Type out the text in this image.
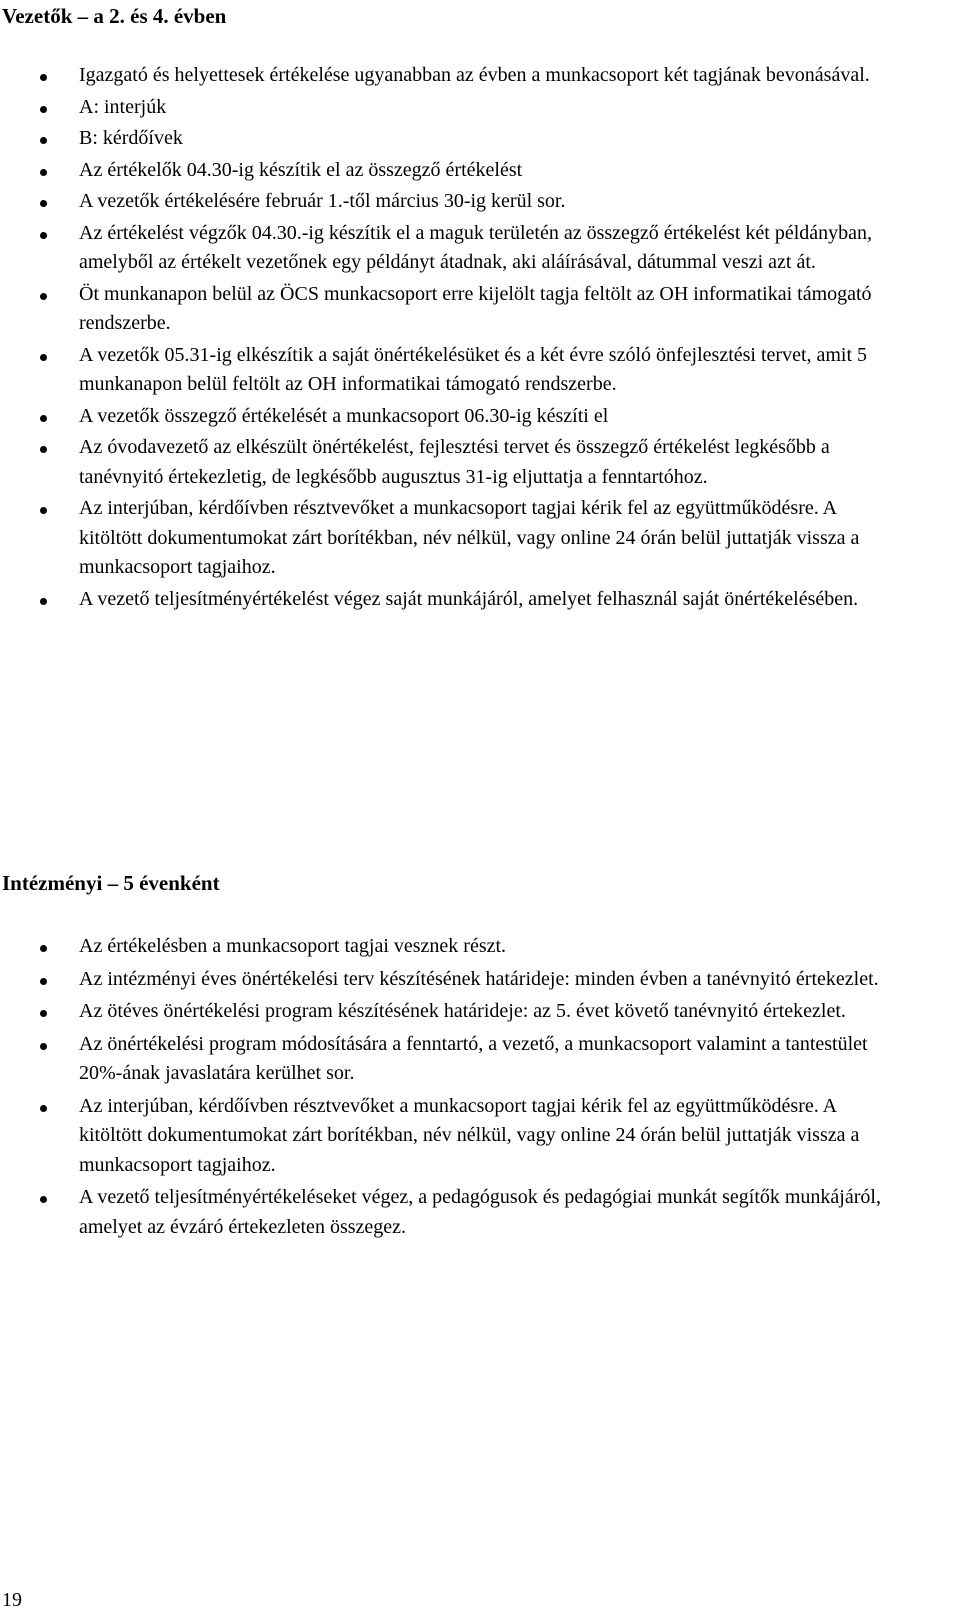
Vezetők – a 2. és 4. évben
Igazgató és helyettesek értékelése ugyanabban az évben a munkacsoport két tagjának bevonásával.
A: interjúk
B: kérdőívek
Az értékelők 04.30-ig készítik el az összegző értékelést
A vezetők értékelésére február 1.-től március 30-ig kerül sor.
Az értékelést végzők 04.30.-ig készítik el a maguk területén az összegző értékelést két példányban, amelyből az értékelt vezetőnek egy példányt átadnak, aki aláírásával, dátummal veszi azt át.
Öt munkanapon belül az ÖCS munkacsoport erre kijelölt tagja feltölt az OH informatikai támogató rendszerbe.
A vezetők 05.31-ig elkészítik a saját önértékelésüket és a két évre szóló önfejlesztési tervet, amit 5 munkanapon belül feltölt az OH informatikai támogató rendszerbe.
A vezetők összegző értékelését a munkacsoport 06.30-ig készíti el
Az óvodavezető az elkészült önértékelést, fejlesztési tervet és összegző értékelést legkésőbb a tanévnyitó értekezletig, de legkésőbb augusztus 31-ig eljuttatja a fenntartóhoz.
Az interjúban, kérdőívben résztvevőket a munkacsoport tagjai kérik fel az együttműködésre. A kitöltött dokumentumokat zárt borítékban, név nélkül, vagy online 24 órán belül juttatják vissza a munkacsoport tagjaihoz.
A vezető teljesítményértékelést végez saját munkájáról, amelyet felhasznál saját önértékelésében.
Intézményi – 5 évenként
Az értékelésben a munkacsoport tagjai vesznek részt.
Az intézményi éves önértékelési terv készítésének határideje: minden évben a tanévnyitó értekezlet.
Az ötéves önértékelési program készítésének határideje: az 5. évet követő tanévnyitó értekezlet.
Az önértékelési program módosítására a fenntartó, a vezető, a munkacsoport valamint a tantestület 20%-ának javaslatára kerülhet sor.
Az interjúban, kérdőívben résztvevőket a munkacsoport tagjai kérik fel az együttműködésre. A kitöltött dokumentumokat zárt borítékban, név nélkül, vagy online 24 órán belül juttatják vissza a munkacsoport tagjaihoz.
A vezető teljesítményértékeléseket végez, a pedagógusok és pedagógiai munkát segítők munkájáról, amelyet az évzáró értekezleten összegez.
19
